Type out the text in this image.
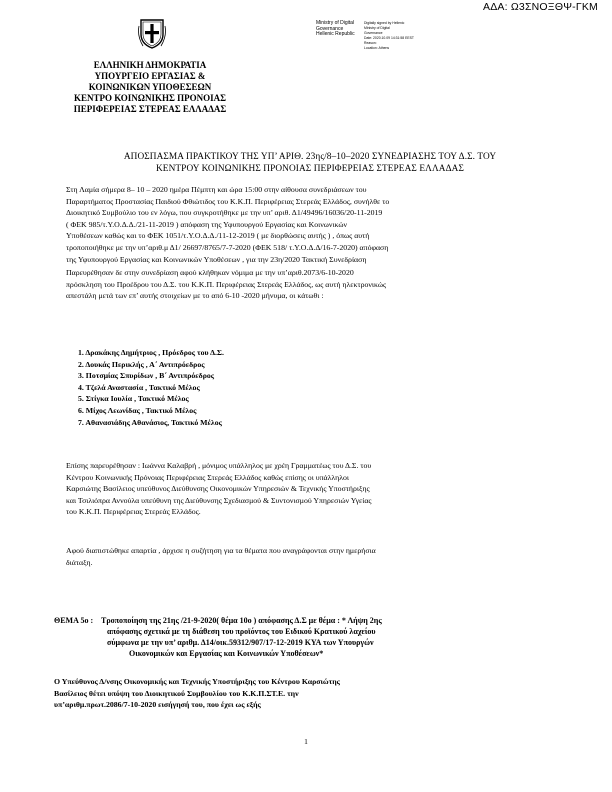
ΑΔΑ: Ω3ΣΝΟΞΘΨ-ΓΚΜ
Ministry of Digital
Governance
Hellenic Republic
Digitally signed by Hellenic
Ministry of Digital
Governance
Date: 2020.10.09 14:31:58 EEST
Reason:
Location: Athens
ΕΛΛΗΝΙΚΗ ΔΗΜΟΚΡΑΤΙΑ
ΥΠΟΥΡΓΕΙΟ ΕΡΓΑΣΙΑΣ &
ΚΟΙΝΩΝΙΚΩΝ ΥΠΟΘΕΣΕΩΝ
ΚΕΝΤΡΟ ΚΟΙΝΩΝΙΚΗΣ ΠΡΟΝΟΙΑΣ
ΠΕΡΙΦΕΡΕΙΑΣ ΣΤΕΡΕΑΣ ΕΛΛΑΔΑΣ
ΑΠΟΣΠΑΣΜΑ ΠΡΑΚΤΙΚΟΥ ΤΗΣ ΥΠ’ ΑΡΙΘ. 23ης/8–10–2020 ΣΥΝΕΔΡΙΑΣΗΣ ΤΟΥ Δ.Σ. ΤΟΥ
ΚΕΝΤΡΟΥ ΚΟΙΝΩΝΙΚΗΣ ΠΡΟΝΟΙΑΣ ΠΕΡΙΦΕΡΕΙΑΣ ΣΤΕΡΕΑΣ ΕΛΛΑΔΑΣ
Στη Λαμία σήμερα 8– 10 – 2020 ημέρα Πέμπτη και ώρα 15:00 στην αίθουσα συνεδριάσεων του
Παραρτήματος Προστασίας Παιδιού Φθιώτιδος του Κ.Κ.Π. Περιφέρειας Στερεάς Ελλάδος, συνήλθε το
Διοικητικό Συμβούλιο του εν λόγω, που συγκροτήθηκε με την υπ’ αριθ. Δ1/49496/16036/20-11-2019
( ΦΕΚ 985/τ.Υ.Ο.Δ.Δ./21-11-2019 ) απόφαση της Υφυπουργού Εργασίας και Κοινωνικών
Υποθέσεων καθώς και το ΦΕΚ 1051/τ.Υ.Ο.Δ.Δ./11-12-2019 ( με διορθώσεις αυτής ) , όπως αυτή
τροποποιήθηκε με την υπ’αριθ.μ Δ1/ 26697/8765/7-7-2020 (ΦΕΚ 518/ τ.Υ.Ο.Δ.Δ/16-7-2020) απόφαση
της Υφυπουργού Εργασίας και Κοινωνικών Υποθέσεων , για την 23η/2020 Τακτική Συνεδρίαση
Παρευρέθησαν δε στην συνεδρίαση αφού κλήθηκαν νόμιμα με την υπ’αριθ.2073/6-10-2020
πρόσκληση του Προέδρου του Δ.Σ. του Κ.Κ.Π. Περιφέρειας Στερεάς Ελλάδος, ως αυτή ηλεκτρονικώς
απεστάλη μετά των επ’ αυτής στοιχείων με το από 6-10 -2020 μήνυμα, οι κάτωθι :
1. Δρακάκης Δημήτριος , Πρόεδρος του Δ.Σ.
2. Δουκάς Περικλής , Α΄ Αντιπρόεδρος
3. Ποτσμίας Σπυρίδων , Β΄ Αντιπρόεδρος
4. Τζελά Αναστασία , Τακτικό Μέλος
5. Στίγκα Ιουλία , Τακτικό Μέλος
6. Μίχος Λεωνίδας , Τακτικό Μέλος
7. Αθανασιάδης Αθανάσιος, Τακτικό Μέλος
Επίσης παρευρέθησαν : Ιωάννα Καλαβρή , μόνιμος υπάλληλος με χρέη Γραμματέως του Δ.Σ. του
Κέντρου Κοινωνικής Πρόνοιας Περιφέρειας Στερεάς Ελλάδος καθώς επίσης οι υπάλληλοι
Καρσιώτης Βασίλειος υπεύθυνος Διεύθυνσης Οικονομικών Υπηρεσιών & Τεχνικής Υποστήριξης
και Τσιλιόπρα Αννούλα υπεύθυνη της Διεύθυνσης Σχεδιασμού & Συντονισμού Υπηρεσιών Υγείας
του Κ.Κ.Π. Περιφέρειας Στερεάς Ελλάδος.
Αφού διαπιστώθηκε απαρτία , άρχισε η συζήτηση για τα θέματα που αναγράφονται στην ημερήσια
διάταξη.
ΘΕΜΑ 5ο : Τροποποίηση της 21ης /21-9-2020( θέμα 10ο ) απόφασης Δ.Σ με θέμα : * Λήψη 2ης
απόφασης σχετικά με τη διάθεση του προϊόντος του Ειδικού Κρατικού λαχείου
σύμφωνα με την υπ’ αριθμ. Δ14/οικ.59312/907/17-12-2019 ΚΥΑ των Υπουργών
Οικονομικών και Εργασίας και Κοινωνικών Υποθέσεων*
Ο Υπεύθυνος Δ/νσης Οικονομικής και Τεχνικής Υποστήριξης του Κέντρου Καρσιώτης
Βασίλειος θέτει υπόψη του Διοικητικού Συμβουλίου του Κ.Κ.Π.ΣΤ.Ε. την
υπ’αριθμ.πρωτ.2086/7-10-2020 εισήγησή του, που έχει ως εξής
1
